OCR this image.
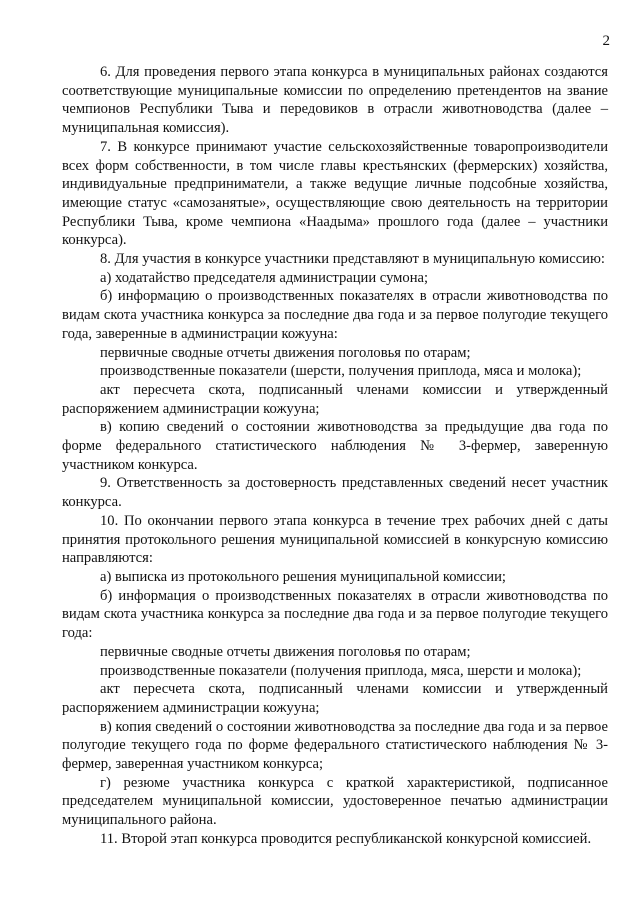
2

6. Для проведения первого этапа конкурса в муниципальных районах создаются соответствующие муниципальные комиссии по определению претендентов на звание чемпионов Республики Тыва и передовиков в отрасли животноводства (далее – муниципальная комиссия).

7. В конкурсе принимают участие сельскохозяйственные товаропроизводители всех форм собственности, в том числе главы крестьянских (фермерских) хозяйства, индивидуальные предприниматели, а также ведущие личные подсобные хозяйства, имеющие статус «самозанятые», осуществляющие свою деятельность на территории Республики Тыва, кроме чемпиона «Наадыма» прошлого года (далее – участники конкурса).

8. Для участия в конкурсе участники представляют в муниципальную комиссию:

а) ходатайство председателя администрации сумона;

б) информацию о производственных показателях в отрасли животноводства по видам скота участника конкурса за последние два года и за первое полугодие текущего года, заверенные в администрации кожууна:

первичные сводные отчеты движения поголовья по отарам;

производственные показатели (шерсти, получения приплода, мяса и молока);

акт пересчета скота, подписанный членами комиссии и утвержденный распоряжением администрации кожууна;

в) копию сведений о состоянии животноводства за предыдущие два года по форме федерального статистического наблюдения № 3-фермер, заверенную участником конкурса.

9. Ответственность за достоверность представленных сведений несет участник конкурса.

10. По окончании первого этапа конкурса в течение трех рабочих дней с даты принятия протокольного решения муниципальной комиссией в конкурсную комиссию направляются:

а) выписка из протокольного решения муниципальной комиссии;

б) информация о производственных показателях в отрасли животноводства по видам скота участника конкурса за последние два года и за первое полугодие текущего года:

первичные сводные отчеты движения поголовья по отарам;

производственные показатели (получения приплода, мяса, шерсти и молока);

акт пересчета скота, подписанный членами комиссии и утвержденный распоряжением администрации кожууна;

в) копия сведений о состоянии животноводства за последние два года и за первое полугодие текущего года по форме федерального статистического наблюдения № 3-фермер, заверенная участником конкурса;

г) резюме участника конкурса с краткой характеристикой, подписанное председателем муниципальной комиссии, удостоверенное печатью администрации муниципального района.

11. Второй этап конкурса проводится республиканской конкурсной комиссией.
